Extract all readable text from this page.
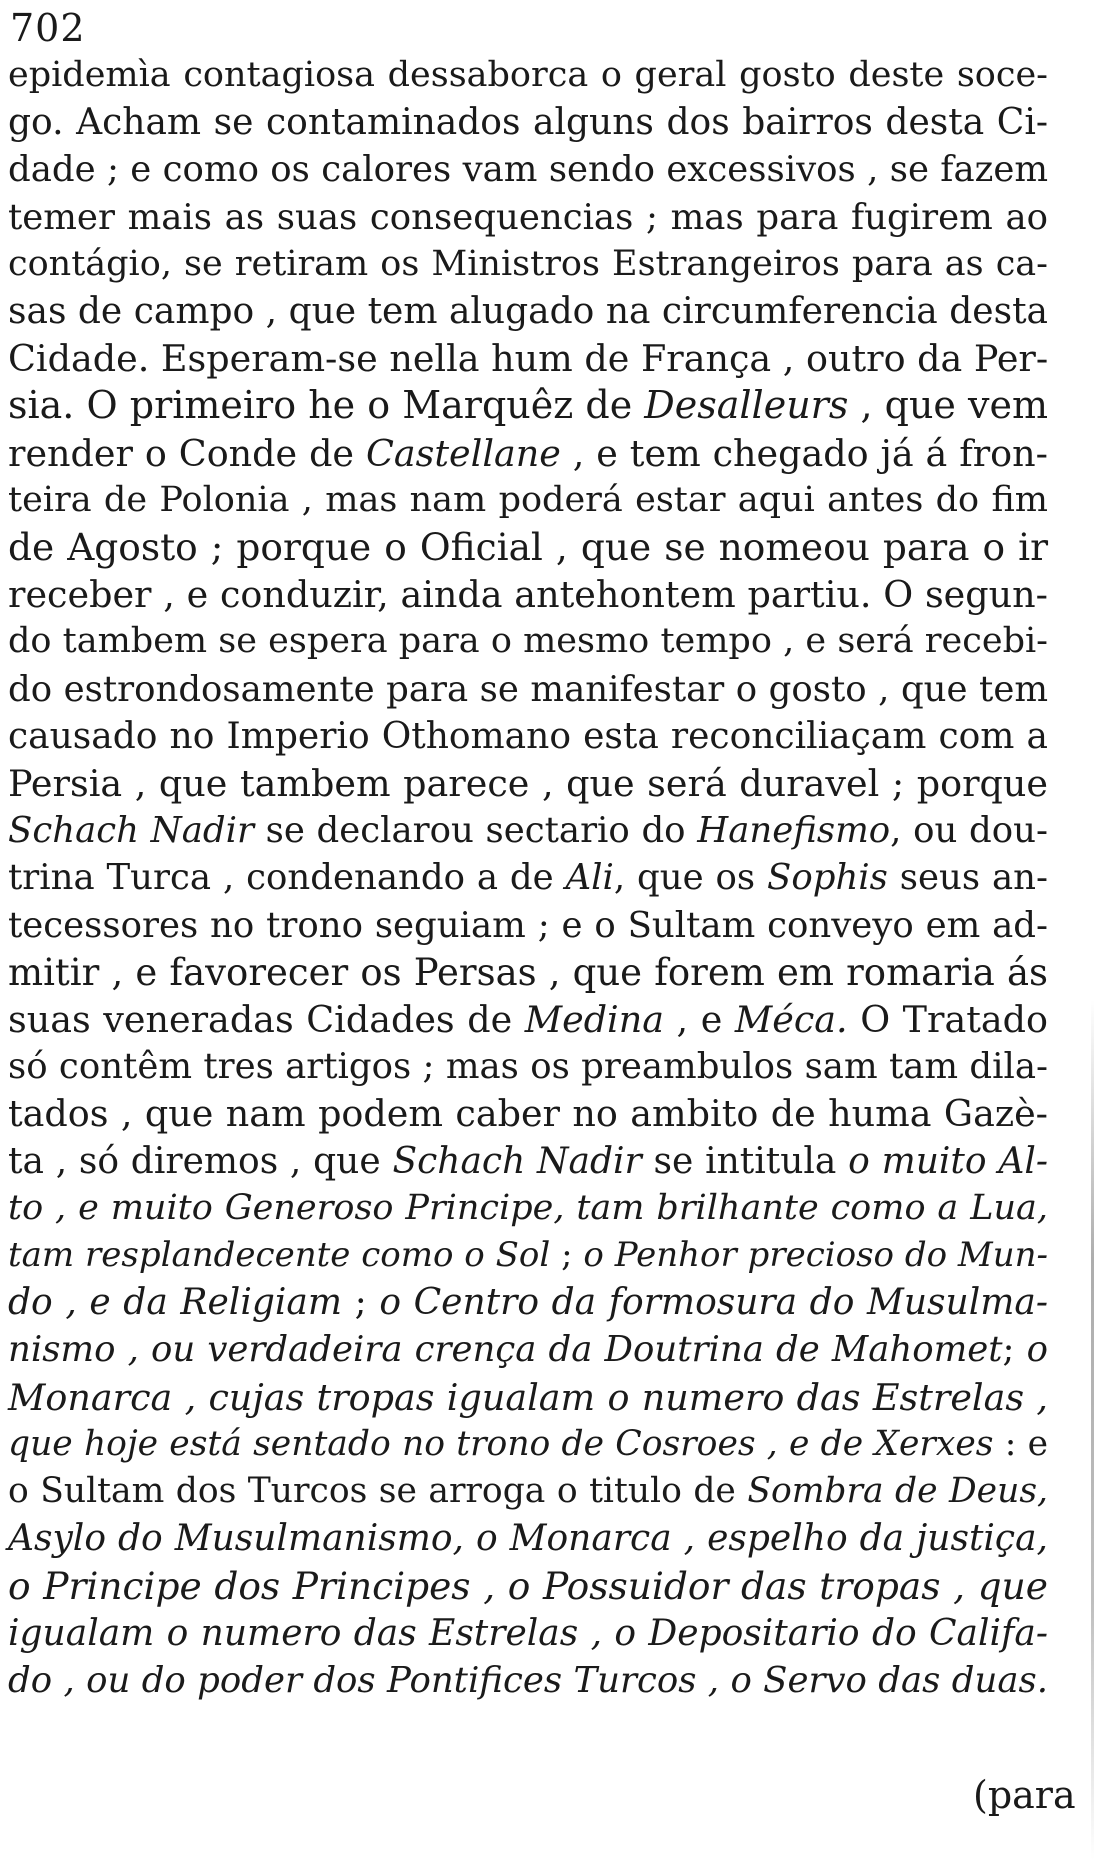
702
epidemìa contagiosa dessaborca o geral gosto deste soce-
go. Acham se contaminados alguns dos bairros desta Ci-
dade ; e como os calores vam sendo excessivos , se fazem
temer mais as suas consequencias ; mas para fugirem ao
contágio, se retiram os Ministros Estrangeiros para as ca-
sas de campo , que tem alugado na circumferencia desta
Cidade. Esperam-se nella hum de França , outro da Per-
sia. O primeiro he o Marquêz de Desalleurs , que vem
render o Conde de Castellane , e tem chegado já á fron-
teira de Polonia , mas nam poderá estar aqui antes do fim
de Agosto ; porque o Oficial , que se nomeou para o ir
receber , e conduzir, ainda antehontem partiu. O segun-
do tambem se espera para o mesmo tempo , e será recebi-
do estrondosamente para se manifestar o gosto , que tem
causado no Imperio Othomano esta reconciliaçam com a
Persia , que tambem parece , que será duravel ; porque
Schach Nadir se declarou sectario do Hanefismo, ou dou-
trina Turca , condenando a de Ali, que os Sophis seus an-
tecessores no trono seguiam ; e o Sultam conveyo em ad-
mitir , e favorecer os Persas , que forem em romaria ás
suas veneradas Cidades de Medina , e Méca. O Tratado
só contêm tres artigos ; mas os preambulos sam tam dila-
tados , que nam podem caber no ambito de huma Gazè-
ta , só diremos , que Schach Nadir se intitula o muito Al-
to , e muito Generoso Principe, tam brilhante como a Lua,
tam resplandecente como o Sol ; o Penhor precioso do Mun-
do , e da Religiam ; o Centro da formosura do Musulma-
nismo , ou verdadeira crença da Doutrina de Mahomet; o
Monarca , cujas tropas igualam o numero das Estrelas ,
que hoje está sentado no trono de Cosroes , e de Xerxes : e
o Sultam dos Turcos se arroga o titulo de Sombra de Deus,
Asylo do Musulmanismo, o Monarca , espelho da justiça,
o Principe dos Principes , o Possuidor das tropas , que
igualam o numero das Estrelas , o Depositario do Califa-
do , ou do poder dos Pontifices Turcos , o Servo das duas.
(para
